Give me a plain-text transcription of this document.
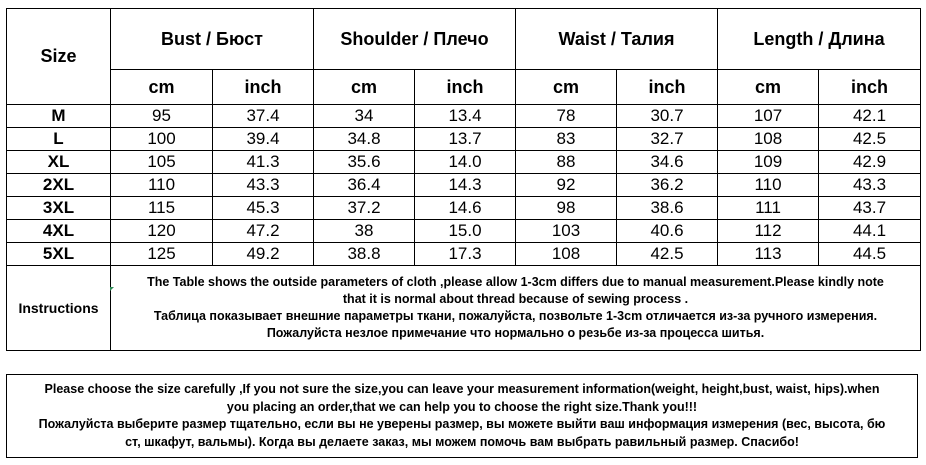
Size	Bust / Бюст		Shoulder / Плечо		Waist / Талия		Length / Длина	
	cm	inch	cm	inch	cm	inch	cm	inch
M	95	37.4	34	13.4	78	30.7	107	42.1
L	100	39.4	34.8	13.7	83	32.7	108	42.5
XL	105	41.3	35.6	14.0	88	34.6	109	42.9
2XL	110	43.3	36.4	14.3	92	36.2	110	43.3
3XL	115	45.3	37.2	14.6	98	38.6	111	43.7
4XL	120	47.2	38	15.0	103	40.6	112	44.1
5XL	125	49.2	38.8	17.3	108	42.5	113	44.5
Instructions	The Table shows the outside parameters of cloth ,please allow 1-3cm differs due to manual measurement.Please kindly note

that it is normal about thread because of sewing process .

Таблица показывает внешние параметры ткани, пожалуйста, позвольте 1-3cm отличается из-за ручного измерения.

Пожалуйста незлое примечание что нормально о резьбе из-за процесса шитья.							

Please choose the size carefully ,If you not sure the size,you can leave your measurement information(weight, height,bust, waist, hips).when

you placing an order,that we can help you to choose the right size.Thank you!!!

Пожалуйста выберите размер тщательно, если вы не уверены размер, вы можете выйти ваш информация измерения (вес, высота, бю

ст, шкафут, вальмы). Когда вы делаете заказ, мы можем помочь вам выбрать равильный размер. Спасибо!
